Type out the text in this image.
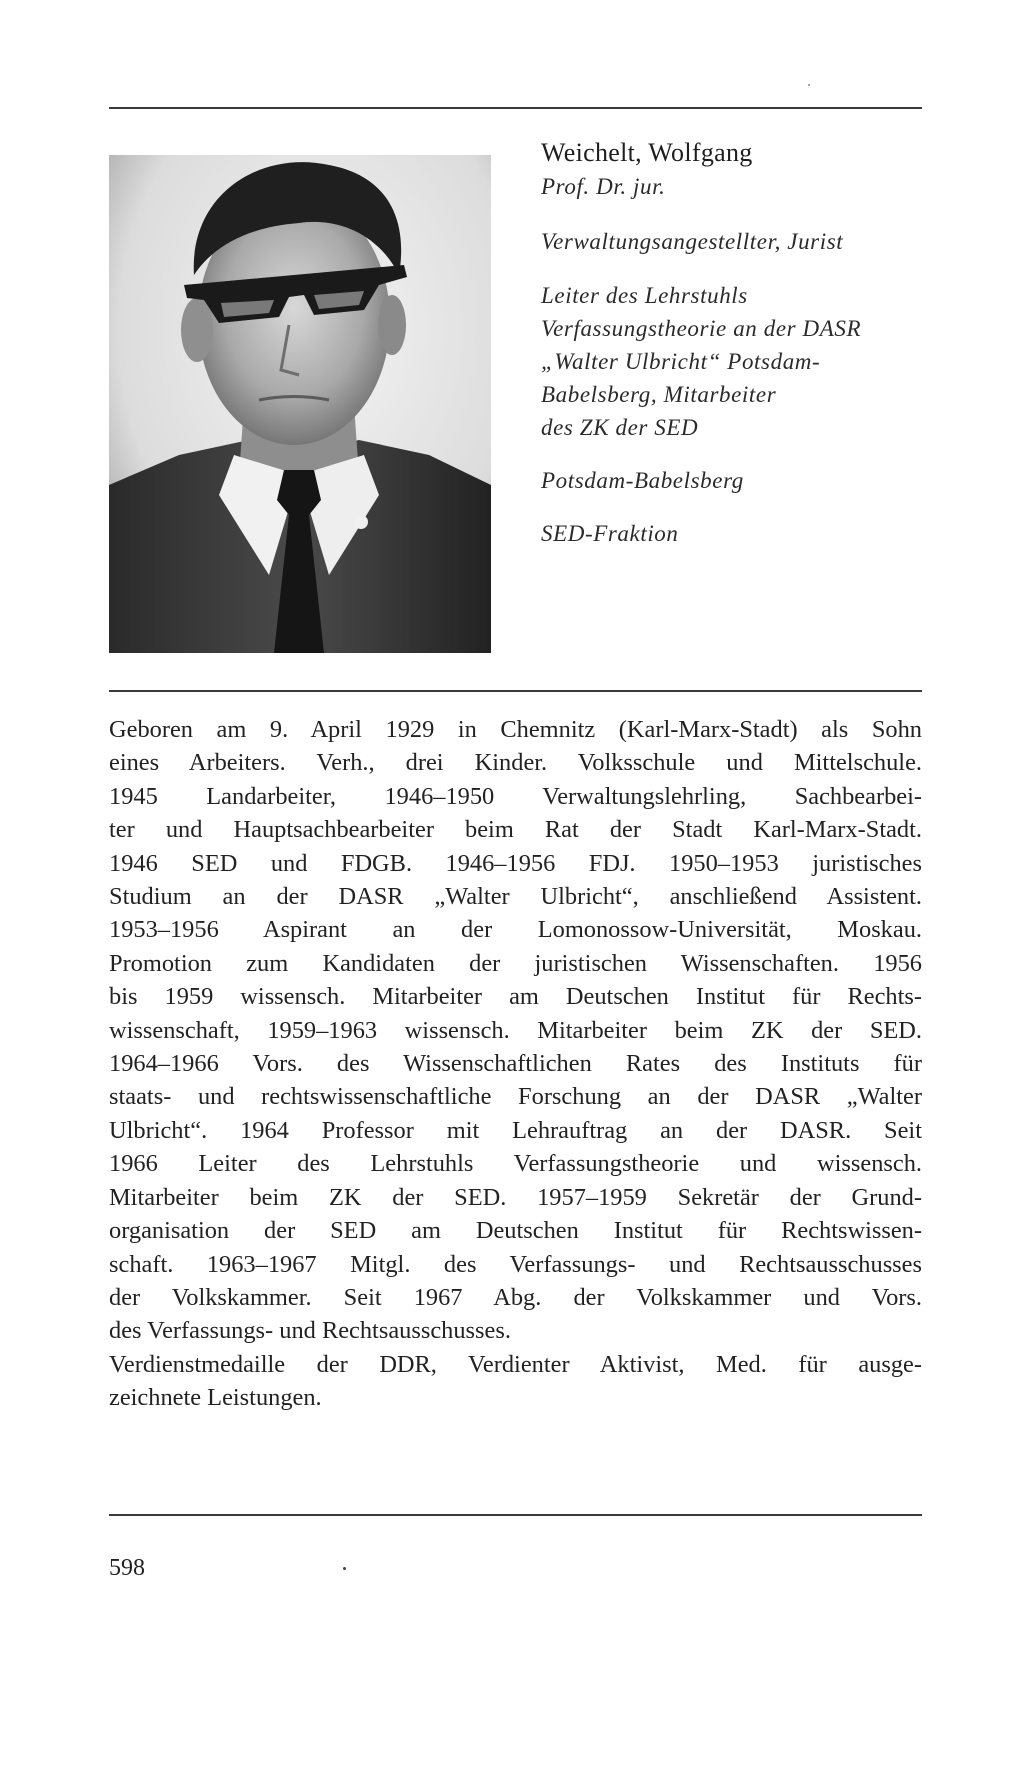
Weichelt, Wolfgang
Prof. Dr. jur.
Verwaltungsangestellter, Jurist
Leiter des Lehrstuhls
Verfassungstheorie an der DASR
„Walter Ulbricht“ Potsdam-
Babelsberg, Mitarbeiter
des ZK der SED
Potsdam-Babelsberg
SED-Fraktion
Geboren am 9. April 1929 in Chemnitz (Karl-Marx-Stadt) als Sohn
eines Arbeiters. Verh., drei Kinder. Volksschule und Mittelschule.
1945 Landarbeiter, 1946–1950 Verwaltungslehrling, Sachbearbei-
ter und Hauptsachbearbeiter beim Rat der Stadt Karl-Marx-Stadt.
1946 SED und FDGB. 1946–1956 FDJ. 1950–1953 juristisches
Studium an der DASR „Walter Ulbricht“, anschließend Assistent.
1953–1956 Aspirant an der Lomonossow-Universität, Moskau.
Promotion zum Kandidaten der juristischen Wissenschaften. 1956
bis 1959 wissensch. Mitarbeiter am Deutschen Institut für Rechts-
wissenschaft, 1959–1963 wissensch. Mitarbeiter beim ZK der SED.
1964–1966 Vors. des Wissenschaftlichen Rates des Instituts für
staats- und rechtswissenschaftliche Forschung an der DASR „Walter
Ulbricht“. 1964 Professor mit Lehrauftrag an der DASR. Seit
1966 Leiter des Lehrstuhls Verfassungstheorie und wissensch.
Mitarbeiter beim ZK der SED. 1957–1959 Sekretär der Grund-
organisation der SED am Deutschen Institut für Rechtswissen-
schaft. 1963–1967 Mitgl. des Verfassungs- und Rechtsausschusses
der Volkskammer. Seit 1967 Abg. der Volkskammer und Vors.
des Verfassungs- und Rechtsausschusses.
Verdienstmedaille der DDR, Verdienter Aktivist, Med. für ausge-
zeichnete Leistungen.
598
